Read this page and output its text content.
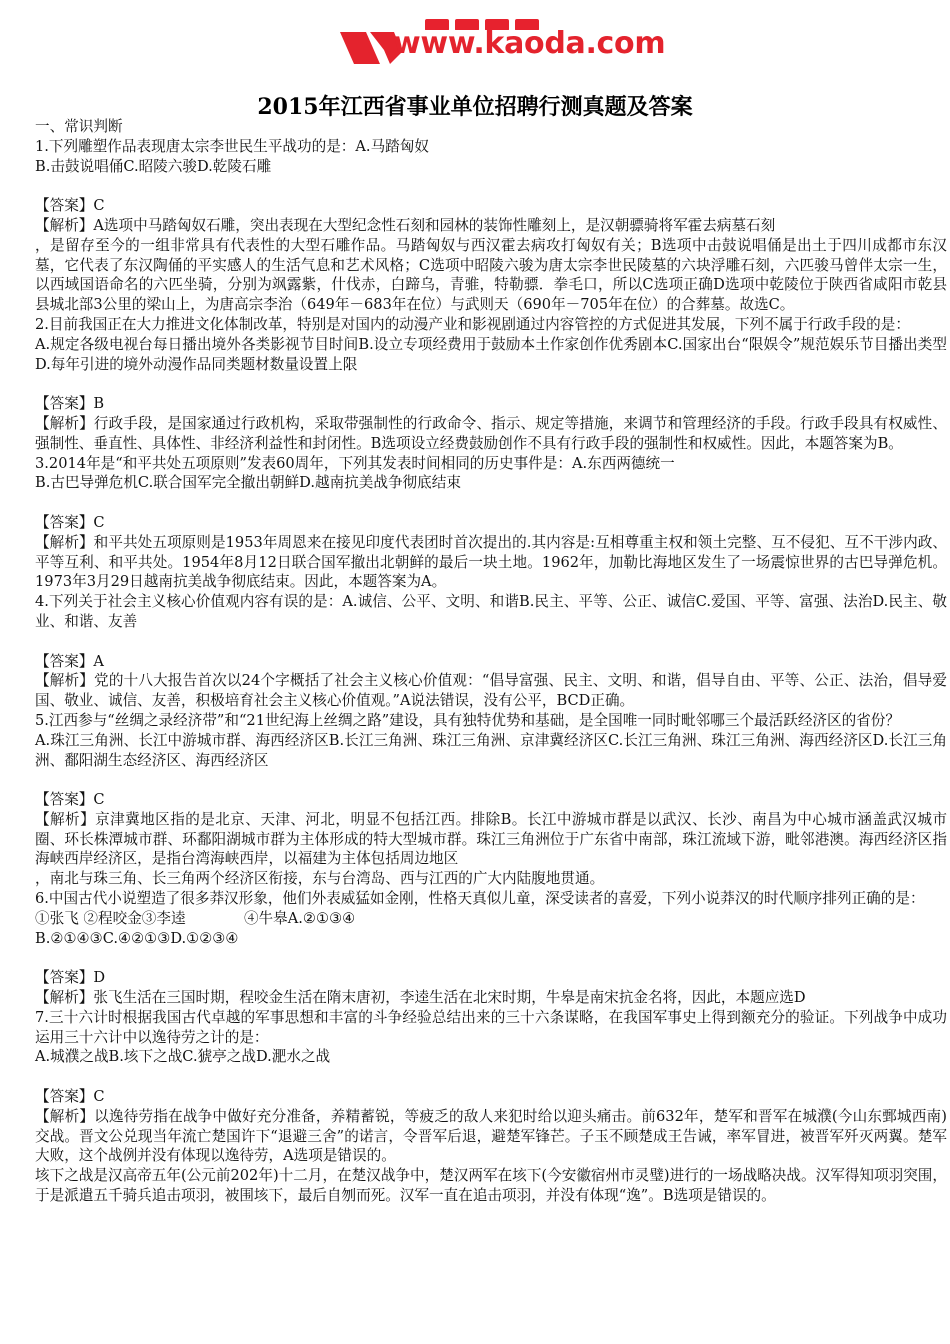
www.kaoda.com
2015年江西省事业单位招聘行测真题及答案
一、常识判断
1.下列雕塑作品表现唐太宗李世民生平战功的是：A.马踏匈奴
B.击鼓说唱俑C.昭陵六骏D.乾陵石雕
【答案】C
【解析】A选项中马踏匈奴石雕，突出表现在大型纪念性石刻和园林的装饰性雕刻上，是汉朝骠骑将军霍去病墓石刻
，是留存至今的一组非常具有代表性的大型石雕作品。马踏匈奴与西汉霍去病攻打匈奴有关；B选项中击鼓说唱俑是出土于四川成都市东汉墓，它代表了东汉陶俑的平实感人的生活气息和艺术风格；C选项中昭陵六骏为唐太宗李世民陵墓的六块浮雕石刻，六匹骏马曾伴太宗一生，以西域国语命名的六匹坐骑，分别为飒露紫，什伐赤，白蹄乌，青骓，特勒骠．拳毛口，所以C选项正确D选项中乾陵位于陕西省咸阳市乾县县城北部3公里的梁山上，为唐高宗李治（649年－683年在位）与武则天（690年－705年在位）的合葬墓。故选C。
2.目前我国正在大力推进文化体制改革，特别是对国内的动漫产业和影视剧通过内容管控的方式促进其发展，下列不属于行政手段的是：
A.规定各级电视台每日播出境外各类影视节目时间B.设立专项经费用于鼓励本土作家创作优秀剧本C.国家出台“限娱令”规范娱乐节目播出类型D.每年引进的境外动漫作品同类题材数量设置上限
【答案】B
【解析】行政手段，是国家通过行政机构，采取带强制性的行政命令、指示、规定等措施，来调节和管理经济的手段。行政手段具有权威性、强制性、垂直性、具体性、非经济利益性和封闭性。B选项设立经费鼓励创作不具有行政手段的强制性和权威性。因此，本题答案为B。
3.2014年是“和平共处五项原则”发表60周年，下列其发表时间相同的历史事件是：A.东西两德统一
B.古巴导弹危机C.联合国军完全撤出朝鲜D.越南抗美战争彻底结束
【答案】C
【解析】和平共处五项原则是1953年周恩来在接见印度代表团时首次提出的.其内容是:互相尊重主权和领土完整、互不侵犯、互不干涉内政、平等互利、和平共处。1954年8月12日联合国军撤出北朝鲜的最后一块土地。1962年，加勒比海地区发生了一场震惊世界的古巴导弹危机。1973年3月29日越南抗美战争彻底结束。因此，本题答案为A。
4.下列关于社会主义核心价值观内容有误的是：A.诚信、公平、文明、和谐B.民主、平等、公正、诚信C.爱国、平等、富强、法治D.民主、敬业、和谐、友善
【答案】A
【解析】党的十八大报告首次以24个字概括了社会主义核心价值观：“倡导富强、民主、文明、和谐，倡导自由、平等、公正、法治，倡导爱国、敬业、诚信、友善，积极培育社会主义核心价值观。”A说法错误，没有公平，BCD正确。
5.江西参与“丝绸之录经济带”和“21世纪海上丝绸之路”建设，具有独特优势和基础，是全国唯一同时毗邻哪三个最活跃经济区的省份？
A.珠江三角洲、长江中游城市群、海西经济区B.长江三角洲、珠江三角洲、京津冀经济区C.长江三角洲、珠江三角洲、海西经济区D.长江三角洲、鄱阳湖生态经济区、海西经济区
【答案】C
【解析】京津冀地区指的是北京、天津、河北，明显不包括江西。排除B。长江中游城市群是以武汉、长沙、南昌为中心城市涵盖武汉城市圈、环长株潭城市群、环鄱阳湖城市群为主体形成的特大型城市群。珠江三角洲位于广东省中南部，珠江流域下游，毗邻港澳。海西经济区指海峡西岸经济区，是指台湾海峡西岸，以福建为主体包括周边地区
，南北与珠三角、长三角两个经济区衔接，东与台湾岛、西与江西的广大内陆腹地贯通。
6.中国古代小说塑造了很多莽汉形象，他们外表威猛如金刚，性格天真似儿童，深受读者的喜爱，下列小说莽汉的时代顺序排列正确的是：
①张飞 ②程咬金③李逵　　　　④牛皋A.②①③④
B.②①④③C.④②①③D.①②③④
【答案】D
【解析】张飞生活在三国时期，程咬金生活在隋末唐初，李逵生活在北宋时期，牛皋是南宋抗金名将，因此，本题应选D
7.三十六计时根据我国古代卓越的军事思想和丰富的斗争经验总结出来的三十六条谋略，在我国军事史上得到额充分的验证。下列战争中成功运用三十六计中以逸待劳之计的是：
A.城濮之战B.垓下之战C.猇亭之战D.淝水之战
【答案】C
【解析】以逸待劳指在战争中做好充分准备，养精蓄锐，等疲乏的敌人来犯时给以迎头痛击。前632年，楚军和晋军在城濮(今山东鄄城西南)交战。晋文公兑现当年流亡楚国许下“退避三舍”的诺言，令晋军后退，避楚军锋芒。子玉不顾楚成王告诫，率军冒进，被晋军歼灭两翼。楚军大败，这个战例并没有体现以逸待劳，A选项是错误的。
垓下之战是汉高帝五年(公元前202年)十二月，在楚汉战争中，楚汉两军在垓下(今安徽宿州市灵璧)进行的一场战略决战。汉军得知项羽突围，于是派遣五千骑兵追击项羽，被围垓下，最后自刎而死。汉军一直在追击项羽，并没有体现“逸”。B选项是错误的。
